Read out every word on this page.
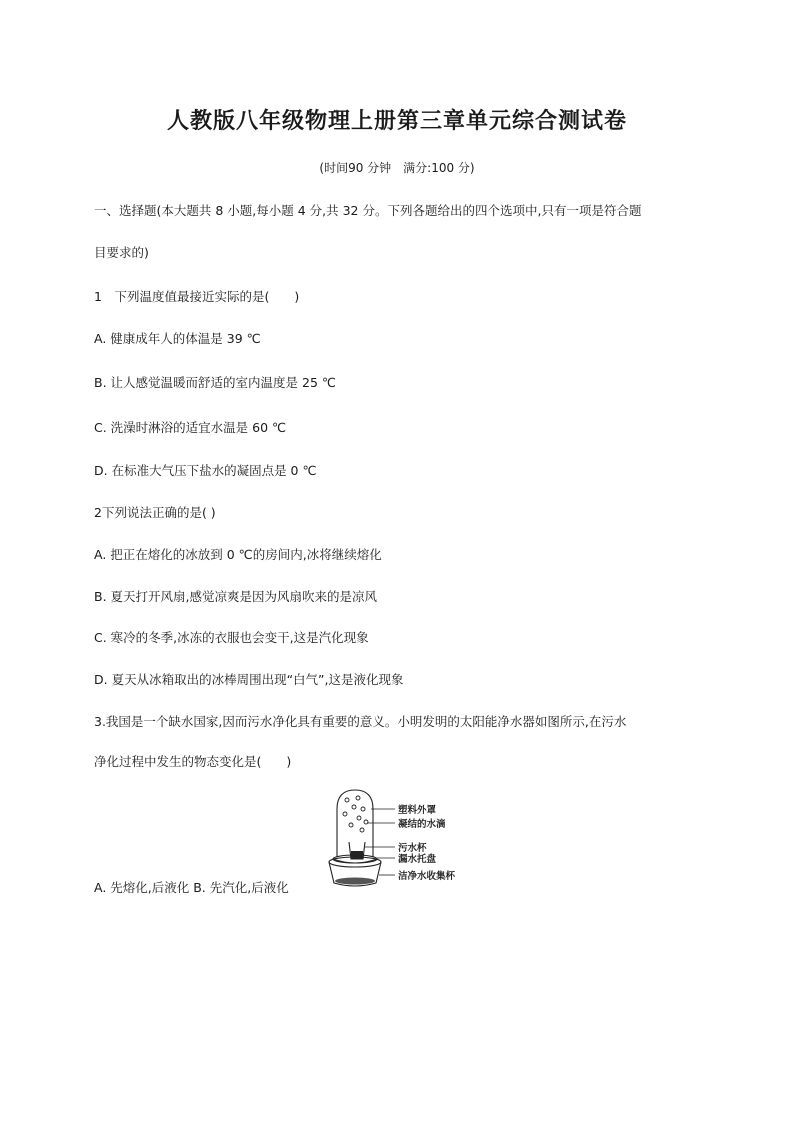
人教版八年级物理上册第三章单元综合测试卷
(时间90 分钟　满分:100 分)
一、选择题(本大题共 8 小题,每小题 4 分,共 32 分。下列各题给出的四个选项中,只有一项是符合题
目要求的)
1　下列温度值最接近实际的是(　　)
A. 健康成年人的体温是 39 ℃
B. 让人感觉温暖而舒适的室内温度是 25 ℃
C. 洗澡时淋浴的适宜水温是 60 ℃
D. 在标准大气压下盐水的凝固点是 0 ℃
2下列说法正确的是( )
A. 把正在熔化的冰放到 0 ℃的房间内,冰将继续熔化
B. 夏天打开风扇,感觉凉爽是因为风扇吹来的是凉风
C. 寒冷的冬季,冰冻的衣服也会变干,这是汽化现象
D. 夏天从冰箱取出的冰棒周围出现“白气”,这是液化现象
3.我国是一个缺水国家,因而污水净化具有重要的意义。小明发明的太阳能净水器如图所示,在污水
净化过程中发生的物态变化是(　　)
A. 先熔化,后液化 B. 先汽化,后液化
塑料外罩
凝结的水滴
污水杯
漏水托盘
洁净水收集杯
